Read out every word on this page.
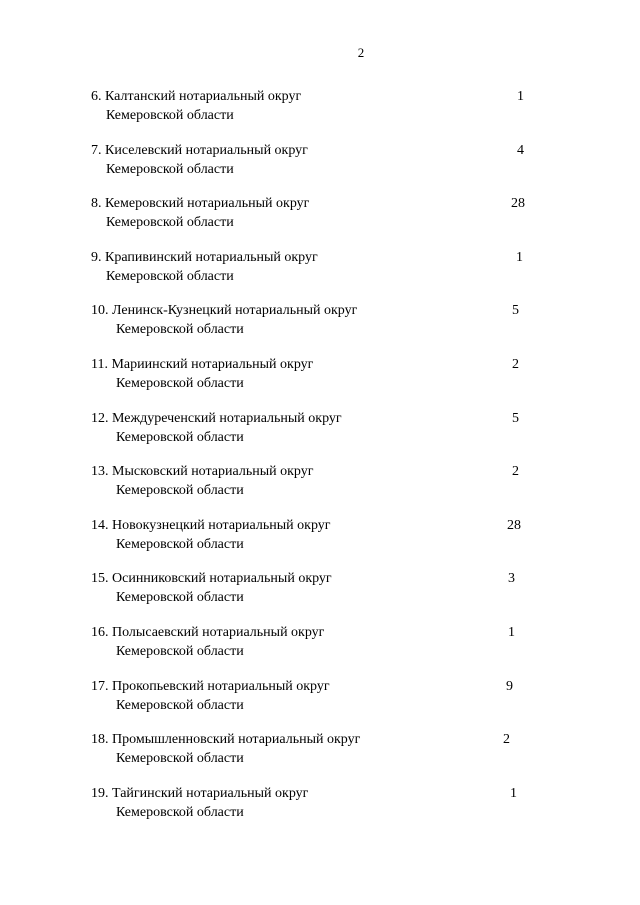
2
6. Калтанский нотариальный округ
Кемеровской области
1
7. Киселевский нотариальный округ
Кемеровской области
4
8. Кемеровский нотариальный округ
Кемеровской области
28
9. Крапивинский нотариальный округ
Кемеровской области
1
10. Ленинск-Кузнецкий нотариальный округ
Кемеровской области
5
11. Мариинский нотариальный округ
Кемеровской области
2
12. Междуреченский нотариальный округ
Кемеровской области
5
13. Мысковский нотариальный округ
Кемеровской области
2
14. Новокузнецкий нотариальный округ
Кемеровской области
28
15. Осинниковский нотариальный округ
Кемеровской области
3
16. Полысаевский нотариальный округ
Кемеровской области
1
17. Прокопьевский нотариальный округ
Кемеровской области
9
18. Промышленновский нотариальный округ
Кемеровской области
2
19. Тайгинский нотариальный округ
Кемеровской области
1
